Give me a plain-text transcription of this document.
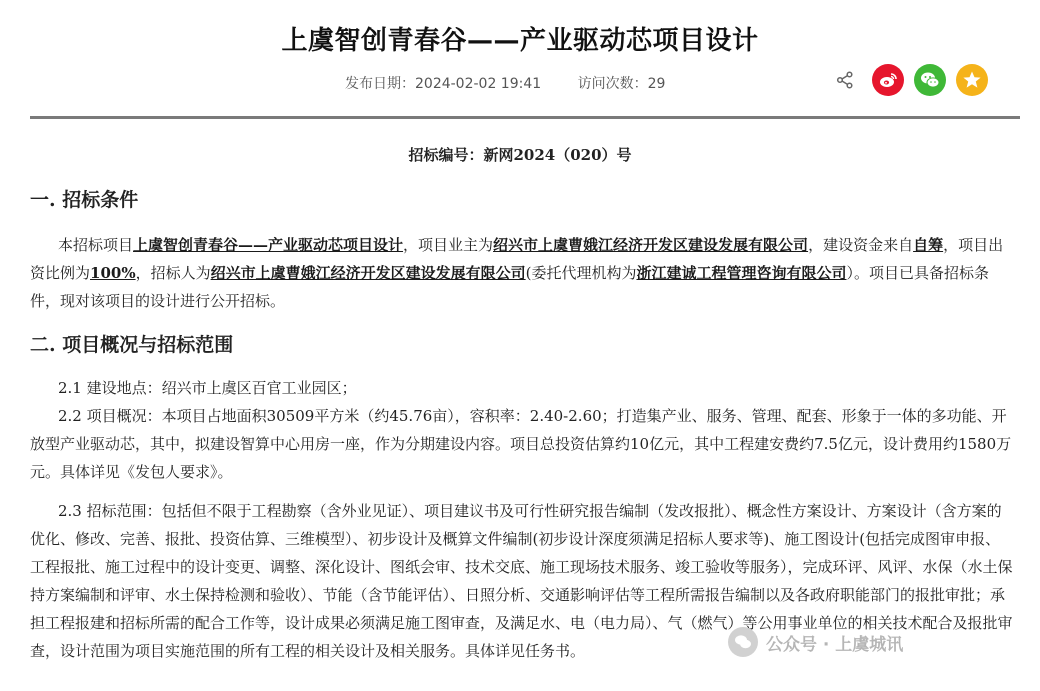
上虞智创青春谷——产业驱动芯项目设计
发布日期：2024-02-02 19:41	访问次数：29
招标编号：新网2024（020）号
一. 招标条件
本招标项目上虞智创青春谷——产业驱动芯项目设计，项目业主为绍兴市上虞曹娥江经济开发区建设发展有限公司，建设资金来自自筹，项目出资比例为100%，招标人为绍兴市上虞曹娥江经济开发区建设发展有限公司(委托代理机构为浙江建诚工程管理咨询有限公司）。项目已具备招标条件，现对该项目的设计进行公开招标。
二. 项目概况与招标范围
2.1 建设地点：绍兴市上虞区百官工业园区；
2.2 项目概况：本项目占地面积30509平方米（约45.76亩），容积率：2.40-2.60；打造集产业、服务、管理、配套、形象于一体的多功能、开放型产业驱动芯，其中，拟建设智算中心用房一座，作为分期建设内容。项目总投资估算约10亿元，其中工程建安费约7.5亿元，设计费用约1580万元。具体详见《发包人要求》。
2.3 招标范围：包括但不限于工程勘察（含外业见证）、项目建议书及可行性研究报告编制（发改报批）、概念性方案设计、方案设计（含方案的优化、修改、完善、报批、投资估算、三维模型）、初步设计及概算文件编制(初步设计深度须满足招标人要求等)、施工图设计(包括完成图审申报、工程报批、施工过程中的设计变更、调整、深化设计、图纸会审、技术交底、施工现场技术服务、竣工验收等服务），完成环评、风评、水保（水土保持方案编制和评审、水土保持检测和验收）、节能（含节能评估）、日照分析、交通影响评估等工程所需报告编制以及各政府职能部门的报批审批；承担工程报建和招标所需的配合工作等，设计成果必须满足施工图审查，及满足水、电（电力局）、气（燃气）等公用事业单位的相关技术配合及报批审查，设计范围为项目实施范围的所有工程的相关设计及相关服务。具体详见任务书。	公众号 · 上虞城讯
